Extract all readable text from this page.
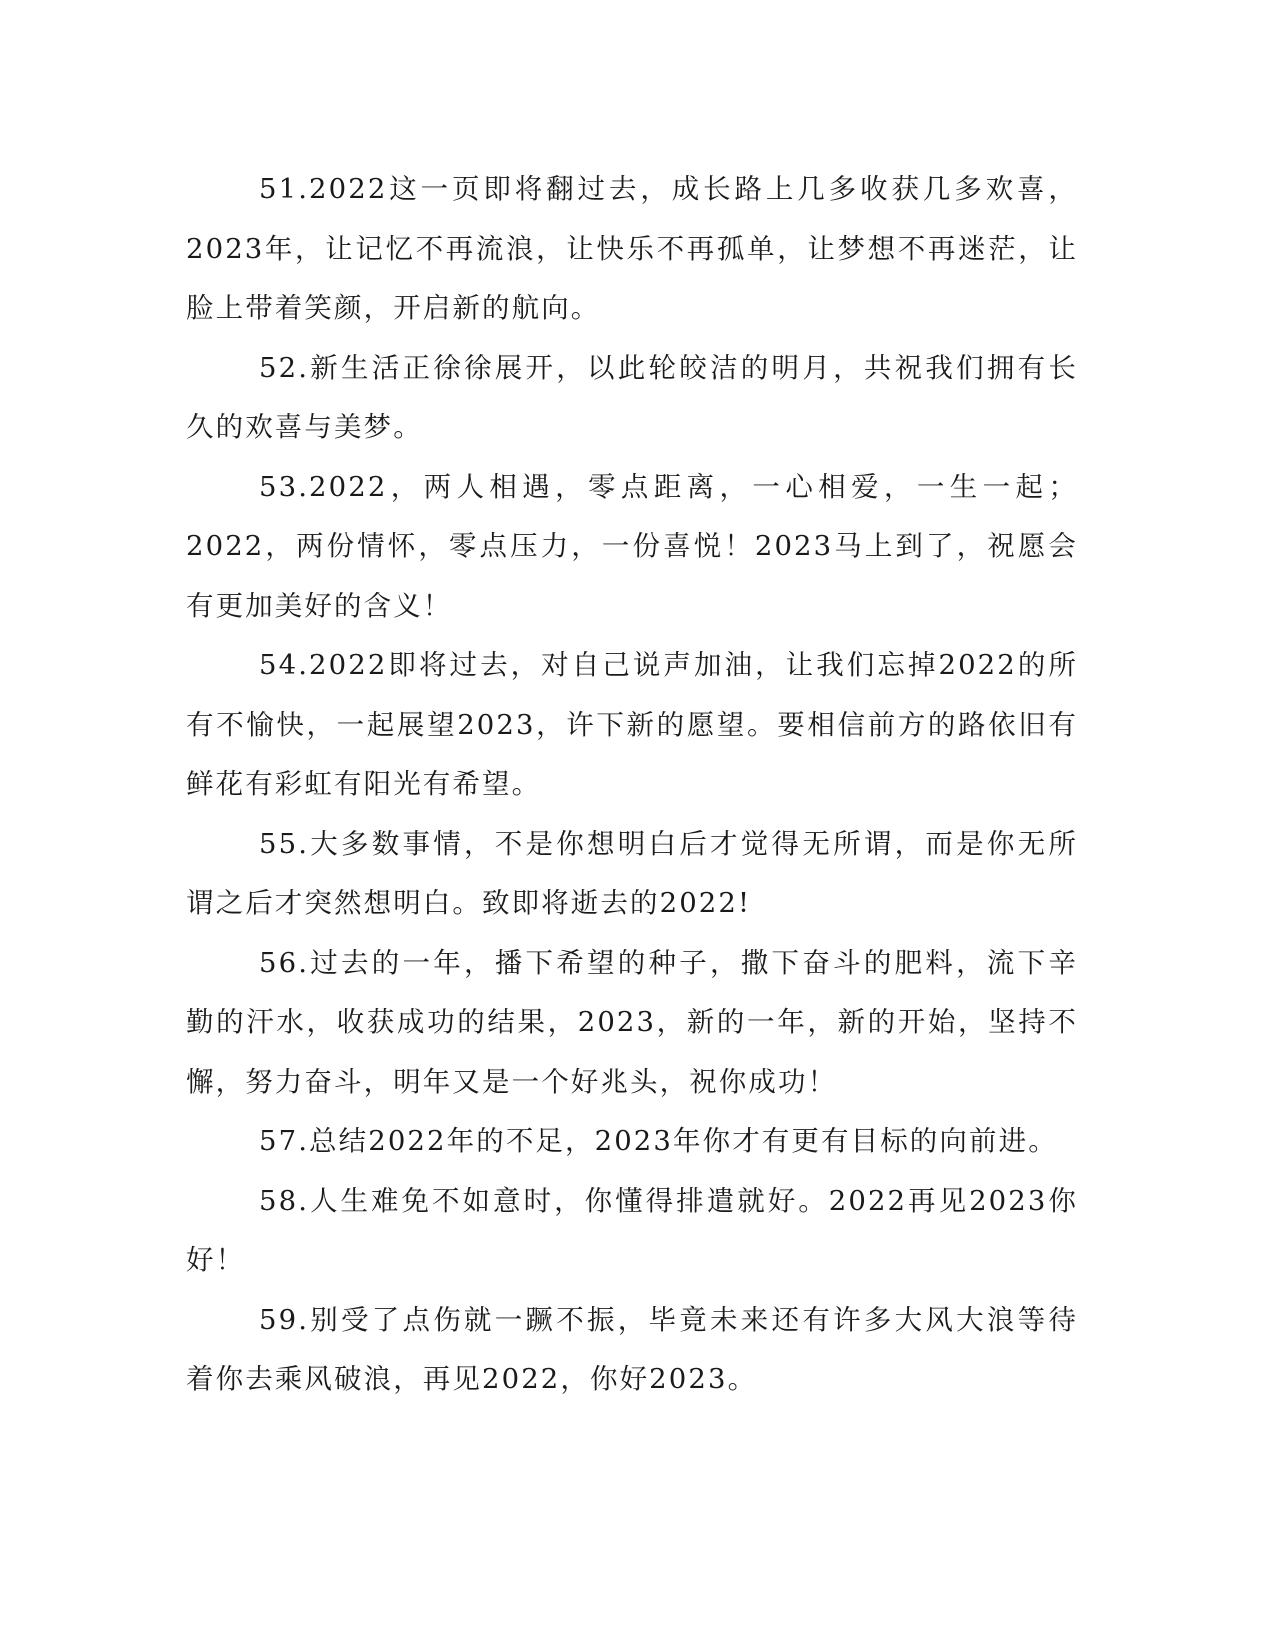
51.2022这一页即将翻过去，成长路上几多收获几多欢喜，2023年，让记忆不再流浪，让快乐不再孤单，让梦想不再迷茫，让脸上带着笑颜，开启新的航向。

52.新生活正徐徐展开，以此轮皎洁的明月，共祝我们拥有长久的欢喜与美梦。

53.2022，两人相遇，零点距离，一心相爱，一生一起；2022，两份情怀，零点压力，一份喜悦！2023马上到了，祝愿会有更加美好的含义！

54.2022即将过去，对自己说声加油，让我们忘掉2022的所有不愉快，一起展望2023，许下新的愿望。要相信前方的路依旧有鲜花有彩虹有阳光有希望。

55.大多数事情，不是你想明白后才觉得无所谓，而是你无所谓之后才突然想明白。致即将逝去的2022!

56.过去的一年，播下希望的种子，撒下奋斗的肥料，流下辛勤的汗水，收获成功的结果，2023，新的一年，新的开始，坚持不懈，努力奋斗，明年又是一个好兆头，祝你成功！

57.总结2022年的不足，2023年你才有更有目标的向前进。

58.人生难免不如意时，你懂得排遣就好。2022再见2023你好！

59.别受了点伤就一蹶不振，毕竟未来还有许多大风大浪等待着你去乘风破浪，再见2022，你好2023。
